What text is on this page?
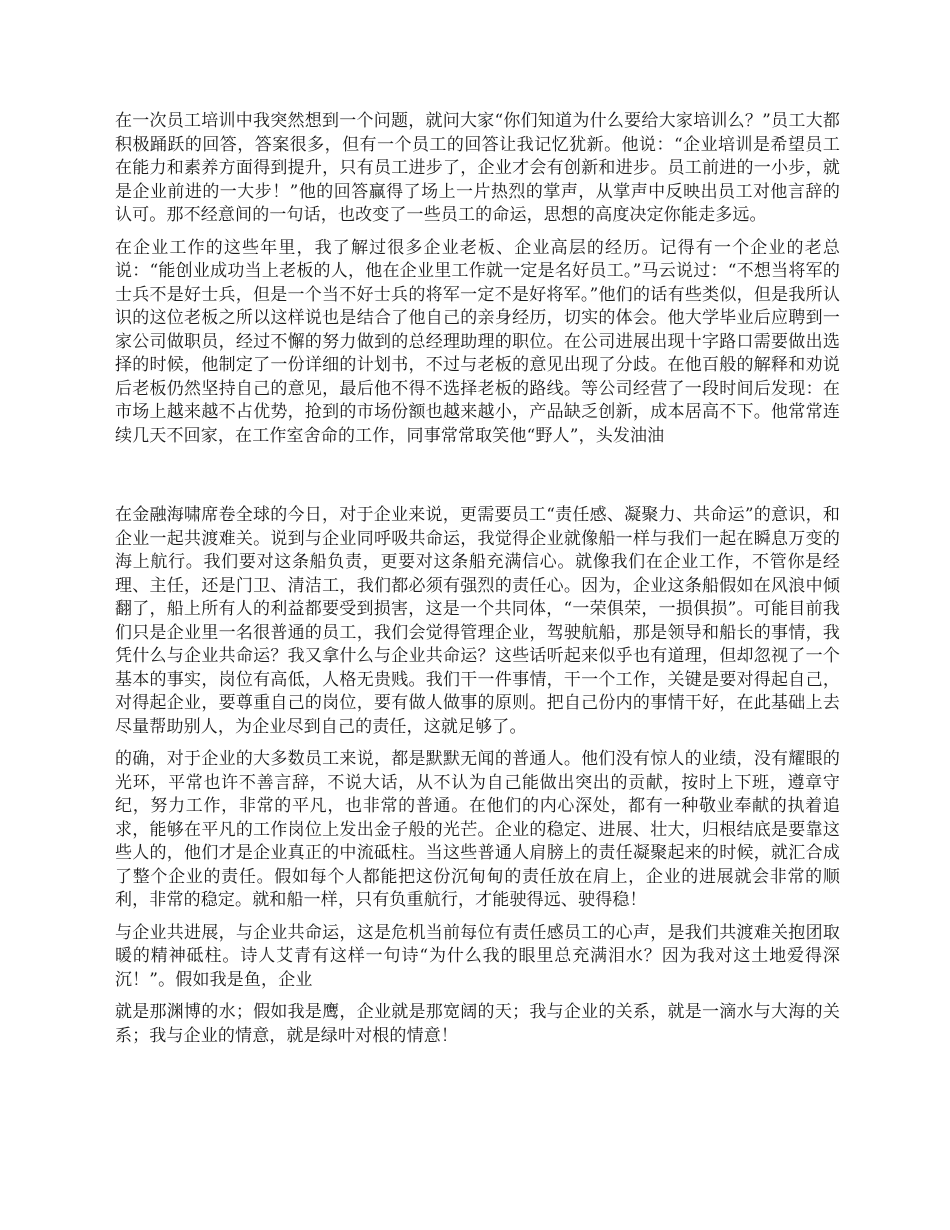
在一次员工培训中我突然想到一个问题，就问大家“你们知道为什么要给大家培训么？”员工大都积极踊跃的回答，答案很多，但有一个员工的回答让我记忆犹新。他说：“企业培训是希望员工在能力和素养方面得到提升，只有员工进步了，企业才会有创新和进步。员工前进的一小步，就是企业前进的一大步！”他的回答赢得了场上一片热烈的掌声，从掌声中反映出员工对他言辞的认可。那不经意间的一句话，也改变了一些员工的命运，思想的高度决定你能走多远。

在企业工作的这些年里，我了解过很多企业老板、企业高层的经历。记得有一个企业的老总说：“能创业成功当上老板的人，他在企业里工作就一定是名好员工。”马云说过：“不想当将军的士兵不是好士兵，但是一个当不好士兵的将军一定不是好将军。”他们的话有些类似，但是我所认识的这位老板之所以这样说也是结合了他自己的亲身经历，切实的体会。他大学毕业后应聘到一家公司做职员，经过不懈的努力做到的总经理助理的职位。在公司进展出现十字路口需要做出选择的时候，他制定了一份详细的计划书，不过与老板的意见出现了分歧。在他百般的解释和劝说后老板仍然坚持自己的意见，最后他不得不选择老板的路线。等公司经营了一段时间后发现：在市场上越来越不占优势，抢到的市场份额也越来越小，产品缺乏创新，成本居高不下。他常常连续几天不回家，在工作室舍命的工作，同事常常取笑他“野人”，头发油油

在金融海啸席卷全球的今日，对于企业来说，更需要员工“责任感、凝聚力、共命运”的意识，和企业一起共渡难关。说到与企业同呼吸共命运，我觉得企业就像船一样与我们一起在瞬息万变的海上航行。我们要对这条船负责，更要对这条船充满信心。就像我们在企业工作，不管你是经理、主任，还是门卫、清洁工，我们都必须有强烈的责任心。因为，企业这条船假如在风浪中倾翻了，船上所有人的利益都要受到损害，这是一个共同体，“一荣俱荣，一损俱损”。可能目前我们只是企业里一名很普通的员工，我们会觉得管理企业，驾驶航船，那是领导和船长的事情，我凭什么与企业共命运？我又拿什么与企业共命运？这些话听起来似乎也有道理，但却忽视了一个基本的事实，岗位有高低，人格无贵贱。我们干一件事情，干一个工作，关键是要对得起自己，对得起企业，要尊重自己的岗位，要有做人做事的原则。把自己份内的事情干好，在此基础上去尽量帮助别人，为企业尽到自己的责任，这就足够了。

的确，对于企业的大多数员工来说，都是默默无闻的普通人。他们没有惊人的业绩，没有耀眼的光环，平常也许不善言辞，不说大话，从不认为自己能做出突出的贡献，按时上下班，遵章守纪，努力工作，非常的平凡，也非常的普通。在他们的内心深处，都有一种敬业奉献的执着追求，能够在平凡的工作岗位上发出金子般的光芒。企业的稳定、进展、壮大，归根结底是要靠这些人的，他们才是企业真正的中流砥柱。当这些普通人肩膀上的责任凝聚起来的时候，就汇合成了整个企业的责任。假如每个人都能把这份沉甸甸的责任放在肩上，企业的进展就会非常的顺利，非常的稳定。就和船一样，只有负重航行，才能驶得远、驶得稳！

与企业共进展，与企业共命运，这是危机当前每位有责任感员工的心声，是我们共渡难关抱团取暖的精神砥柱。诗人艾青有这样一句诗“为什么我的眼里总充满泪水？因为我对这土地爱得深沉！”。假如我是鱼，企业

就是那渊博的水；假如我是鹰，企业就是那宽阔的天；我与企业的关系，就是一滴水与大海的关系；我与企业的情意，就是绿叶对根的情意！
